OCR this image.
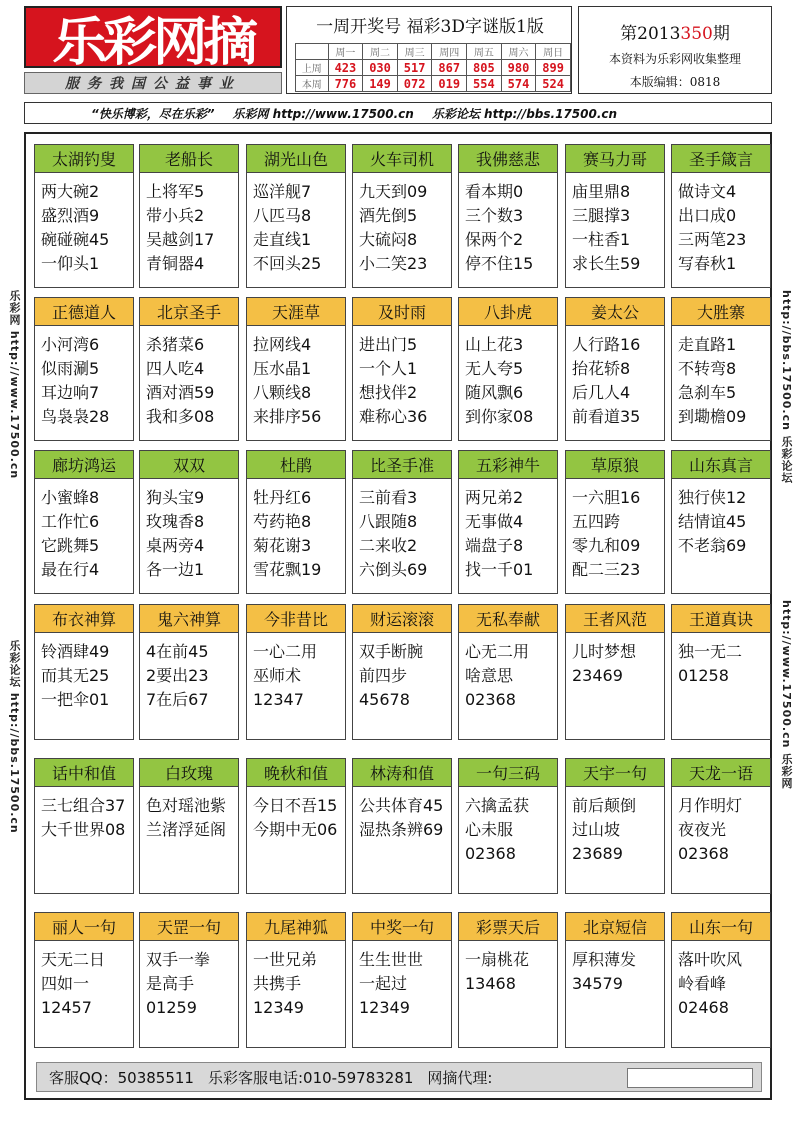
乐彩网摘
服务我国公益事业
一周开奖号 福彩3D字谜版1版
	周一	周二	周三	周四	周五	周六	周日
上周	423	030	517	867	805	980	899
本周	776	149	072	019	554	574	524
第2013350期
本资料为乐彩网收集整理
本版编辑：0818
“快乐博彩，尽在乐彩” 乐彩网 http://www.17500.cn 乐彩论坛 http://bbs.17500.cn
乐彩网 http://www.17500.cn
乐彩论坛 http://bbs.17500.cn
http://bbs.17500.cn 乐彩论坛
http://www.17500.cn 乐彩网
太湖钓叟
两大碗2
盛烈酒9
碗碰碗45
一仰头1
老船长
上将军5
带小兵2
吴越剑17
青铜器4
湖光山色
巡洋舰7
八匹马8
走直线1
不回头25
火车司机
九天到09
酒先倒5
大硫闷8
小二笑23
我佛慈悲
看本期0
三个数3
保两个2
停不住15
赛马力哥
庙里鼎8
三腿撑3
一柱香1
求长生59
圣手箴言
做诗文4
出口成0
三两笔23
写春秋1
正德道人
小河湾6
似雨涮5
耳边响7
鸟袅袅28
北京圣手
杀猪菜6
四人吃4
酒对酒59
我和多08
天涯草
拉网线4
压水晶1
八颗线8
来排序56
及时雨
进出门5
一个人1
想找伴2
难称心36
八卦虎
山上花3
无人夸5
随风飘6
到你家08
姜太公
人行路16
抬花轿8
后几人4
前看道35
大胜寨
走直路1
不转弯8
急刹车5
到墈檐09
廊坊鸿运
小蜜蜂8
工作忙6
它跳舞5
最在行4
双双
狗头宝9
玫瑰香8
桌两旁4
各一边1
杜鹃
牡丹红6
芍药艳8
菊花谢3
雪花飘19
比圣手准
三前看3
八跟随8
二来收2
六倒头69
五彩神牛
两兄弟2
无事做4
端盘子8
找一千01
草原狼
一六胆16
五四跨
零九和09
配二三23
山东真言
独行侠12
结情谊45
不老翁69
布衣神算
铃酒肆49
而其无25
一把伞01
鬼六神算
4在前45
2要出23
7在后67
今非昔比
一心二用
巫师术
12347
财运滚滚
双手断腕
前四步
45678
无私奉献
心无二用
啥意思
02368
王者风范
儿时梦想
23469
王道真诀
独一无二
01258
话中和值
三七组合37
大千世界08
白玫瑰
色对瑶池紫
兰渚浮延阁
晚秋和值
今日不吾15
今期中无06
林涛和值
公共体育45
湿热条辨69
一句三码
六擒孟获
心未服
02368
天宇一句
前后颠倒
过山坡
23689
天龙一语
月作明灯
夜夜光
02368
丽人一句
天无二日
四如一
12457
天罡一句
双手一拳
是高手
01259
九尾神狐
一世兄弟
共携手
12349
中奖一句
生生世世
一起过
12349
彩票天后
一扇桃花
13468
北京短信
厚积薄发
34579
山东一句
落叶吹风
岭看峰
02468
客服QQ：50385511 乐彩客服电话:010-59783281 网摘代理:
